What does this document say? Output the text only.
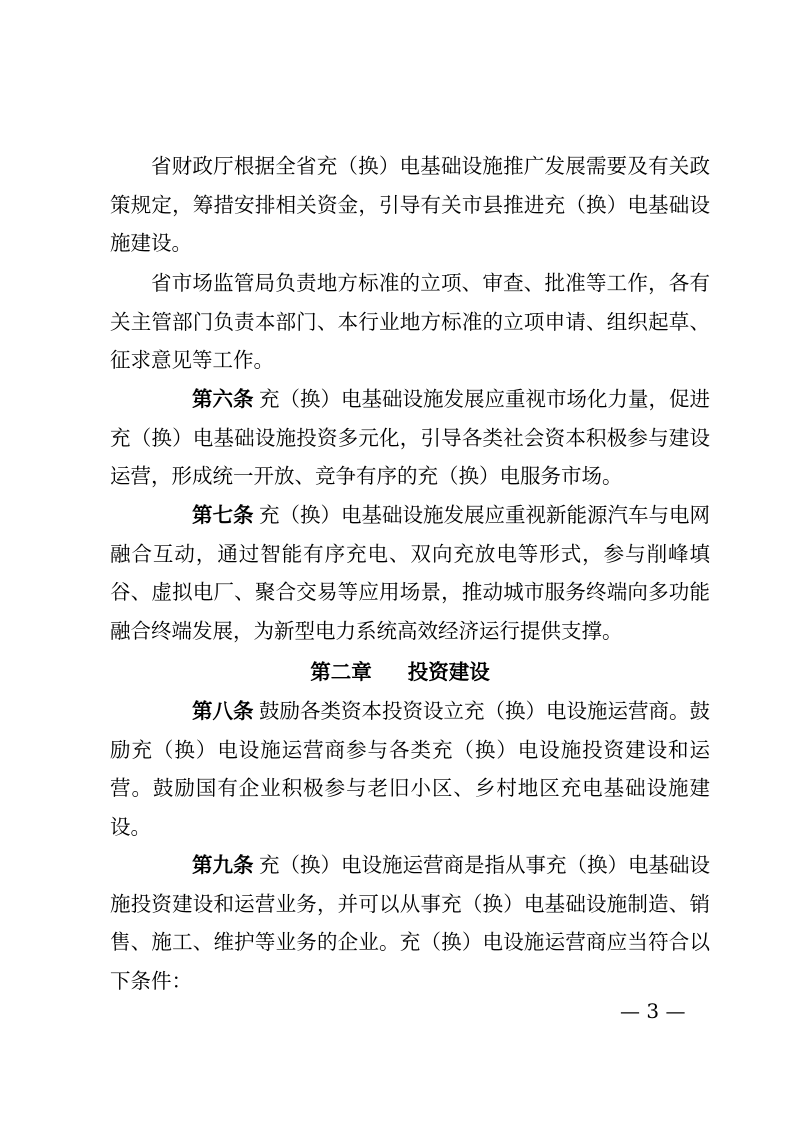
省财政厅根据全省充（换）电基础设施推广发展需要及有关政策规定，筹措安排相关资金，引导有关市县推进充（换）电基础设施建设。

省市场监管局负责地方标准的立项、审查、批准等工作，各有关主管部门负责本部门、本行业地方标准的立项申请、组织起草、征求意见等工作。

第六条 充（换）电基础设施发展应重视市场化力量，促进充（换）电基础设施投资多元化，引导各类社会资本积极参与建设运营，形成统一开放、竞争有序的充（换）电服务市场。

第七条 充（换）电基础设施发展应重视新能源汽车与电网融合互动，通过智能有序充电、双向充放电等形式，参与削峰填谷、虚拟电厂、聚合交易等应用场景，推动城市服务终端向多功能融合终端发展，为新型电力系统高效经济运行提供支撑。

第二章 投资建设

第八条 鼓励各类资本投资设立充（换）电设施运营商。鼓励充（换）电设施运营商参与各类充（换）电设施投资建设和运营。鼓励国有企业积极参与老旧小区、乡村地区充电基础设施建设。

第九条 充（换）电设施运营商是指从事充（换）电基础设施投资建设和运营业务，并可以从事充（换）电基础设施制造、销售、施工、维护等业务的企业。充（换）电设施运营商应当符合以下条件：

— 3 —
